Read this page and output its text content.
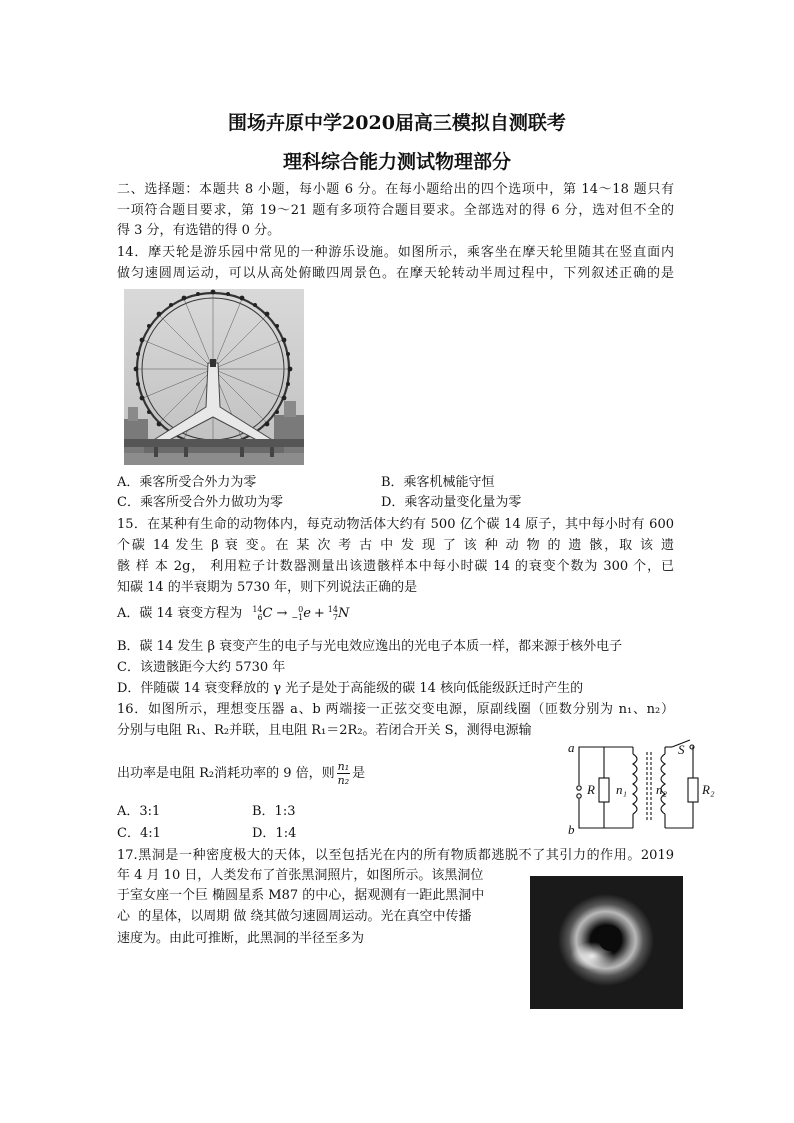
围场卉原中学2020届高三模拟自测联考
理科综合能力测试物理部分
二、选择题：本题共 8 小题，每小题 6 分。在每小题给出的四个选项中，第 14～18 题只有
一项符合题目要求，第 19～21 题有多项符合题目要求。全部选对的得 6 分，选对但不全的
得 3 分，有选错的得 0 分。
14．摩天轮是游乐园中常见的一种游乐设施。如图所示，乘客坐在摩天轮里随其在竖直面内
做匀速圆周运动，可以从高处俯瞰四周景色。在摩天轮转动半周过程中，下列叙述正确的是
A．乘客所受合外力为零	B．乘客机械能守恒
C．乘客所受合外力做功为零	D．乘客动量变化量为零
15．在某种有生命的动物体内，每克动物活体大约有 500 亿个碳 14 原子，其中每小时有 600
个碳 14 发生 β 衰 变。在 某 次 考 古 中 发 现 了 该 种 动 物 的 遗 骸，取 该 遗
骸 样 本 2g， 利用粒子计数器测量出该遗骸样本中每小时碳 14 的衰变个数为 300 个，已
知碳 14 的半衰期为 5730 年，则下列说法正确的是
A．碳 14 衰变方程为 14
6 C →	0
−1 e + 14
7 N
B．碳 14 发生 β 衰变产生的电子与光电效应逸出的光电子本质一样，都来源于核外电子
C．该遗骸距今大约 5730 年
D．伴随碳 14 衰变释放的 γ 光子是处于高能级的碳 14 核向低能级跃迁时产生的
16．如图所示，理想变压器 a、b 两端接一正弦交变电源，原副线圈（匝数分别为 n₁、n₂）
分别与电阻 R₁、R₂并联，且电阻 R₁＝2R₂。若闭合开关 S，测得电源输
出功率是电阻 R₂消耗功率的 9 倍，则 $\frac{\text{n₁}}{\text{n₂}}$ 是
a
b
R n₁ n₂	R₂
S
A．3:1	B．1:3
C．4:1	D．1:4
17.黑洞是一种密度极大的天体，以至包括光在内的所有物质都逃脱不了其引力的作用。2019
年 4 月 10 日，人类发布了首张黑洞照片，如图所示。该黑洞位
于室女座一个巨 椭圆星系 M87 的中心，据观测有一距此黑洞中
心 ⁠ 的星体，以周期 做 绕其做匀速圆周运动。光在真空中传播
速度为⁠。由此可推断，此黑洞的半径至多为
